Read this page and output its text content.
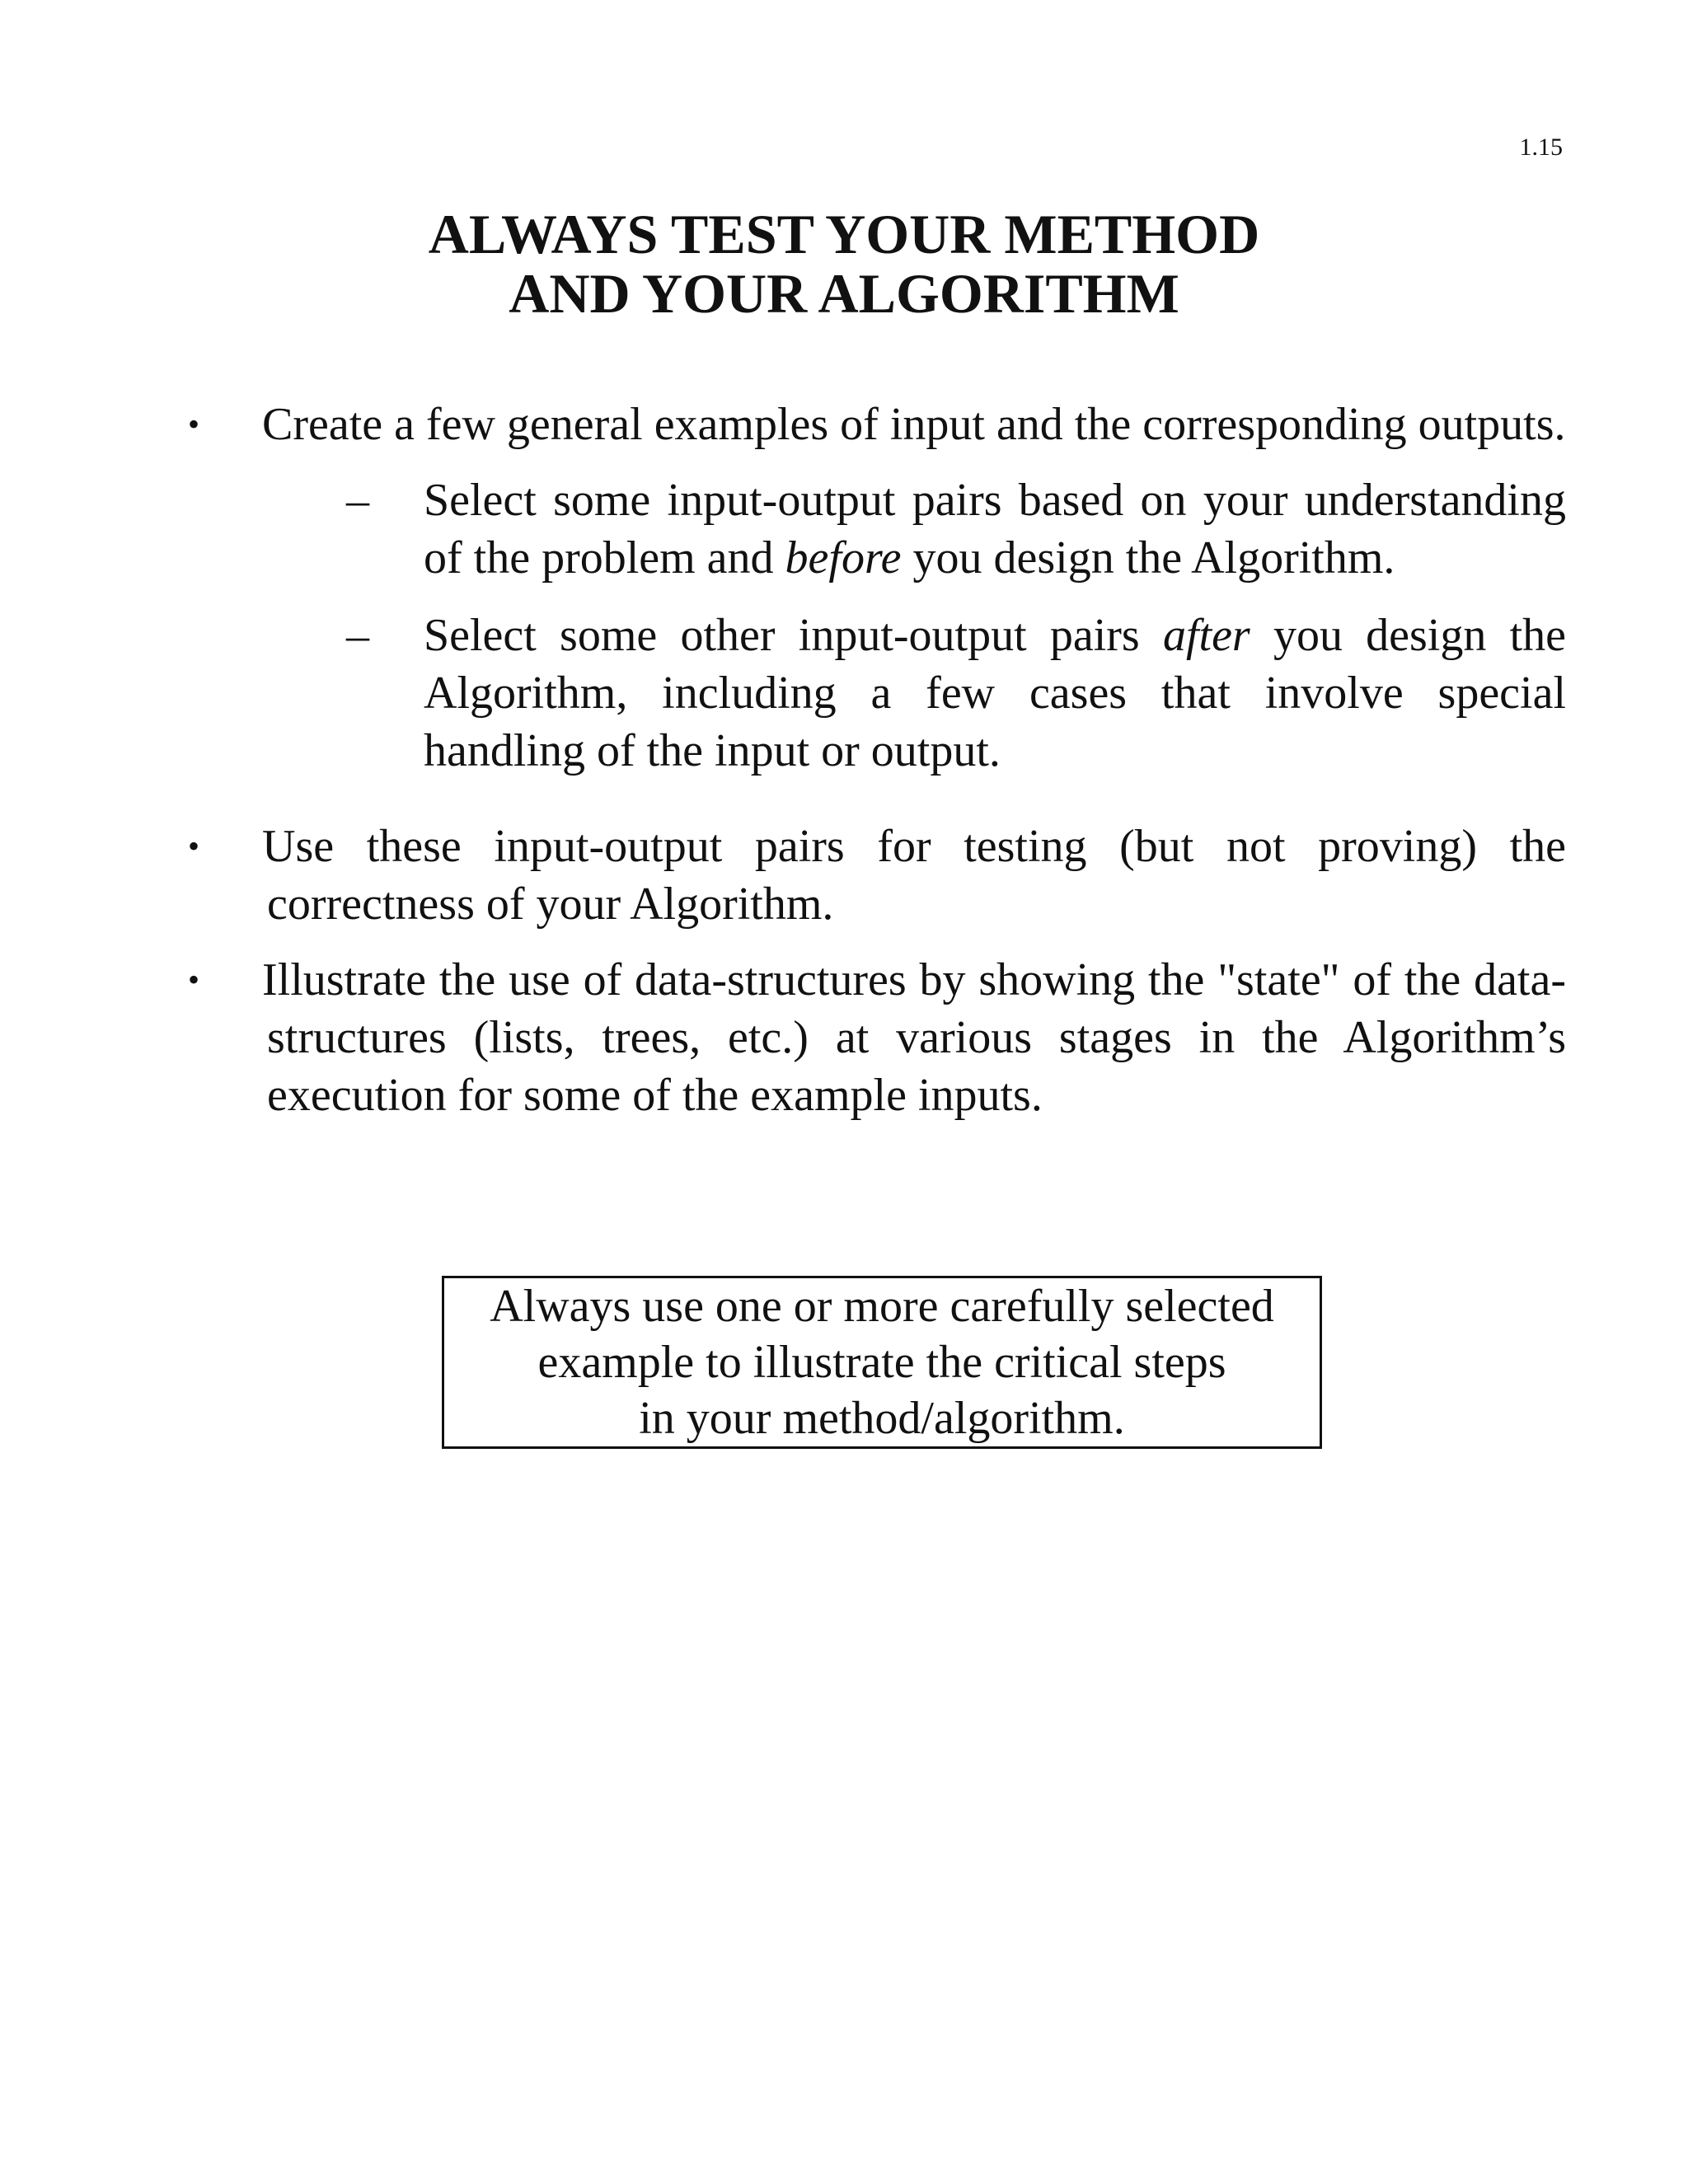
1.15
ALWAYS TEST YOUR METHOD
AND YOUR ALGORITHM
• Create a few general examples of input and the corresponding outputs.
– Select some input-output pairs based on your understanding of the problem and before you design the Algorithm.
– Select some other input-output pairs after you design the Algorithm, including a few cases that involve special handling of the input or output.
• Use these input-output pairs for testing (but not proving) the correctness of your Algorithm.
• Illustrate the use of data-structures by showing the "state" of the data-structures (lists, trees, etc.) at various stages in the Algorithm’s execution for some of the example inputs.
Always use one or more carefully selected
example to illustrate the critical steps
in your method/algorithm.
